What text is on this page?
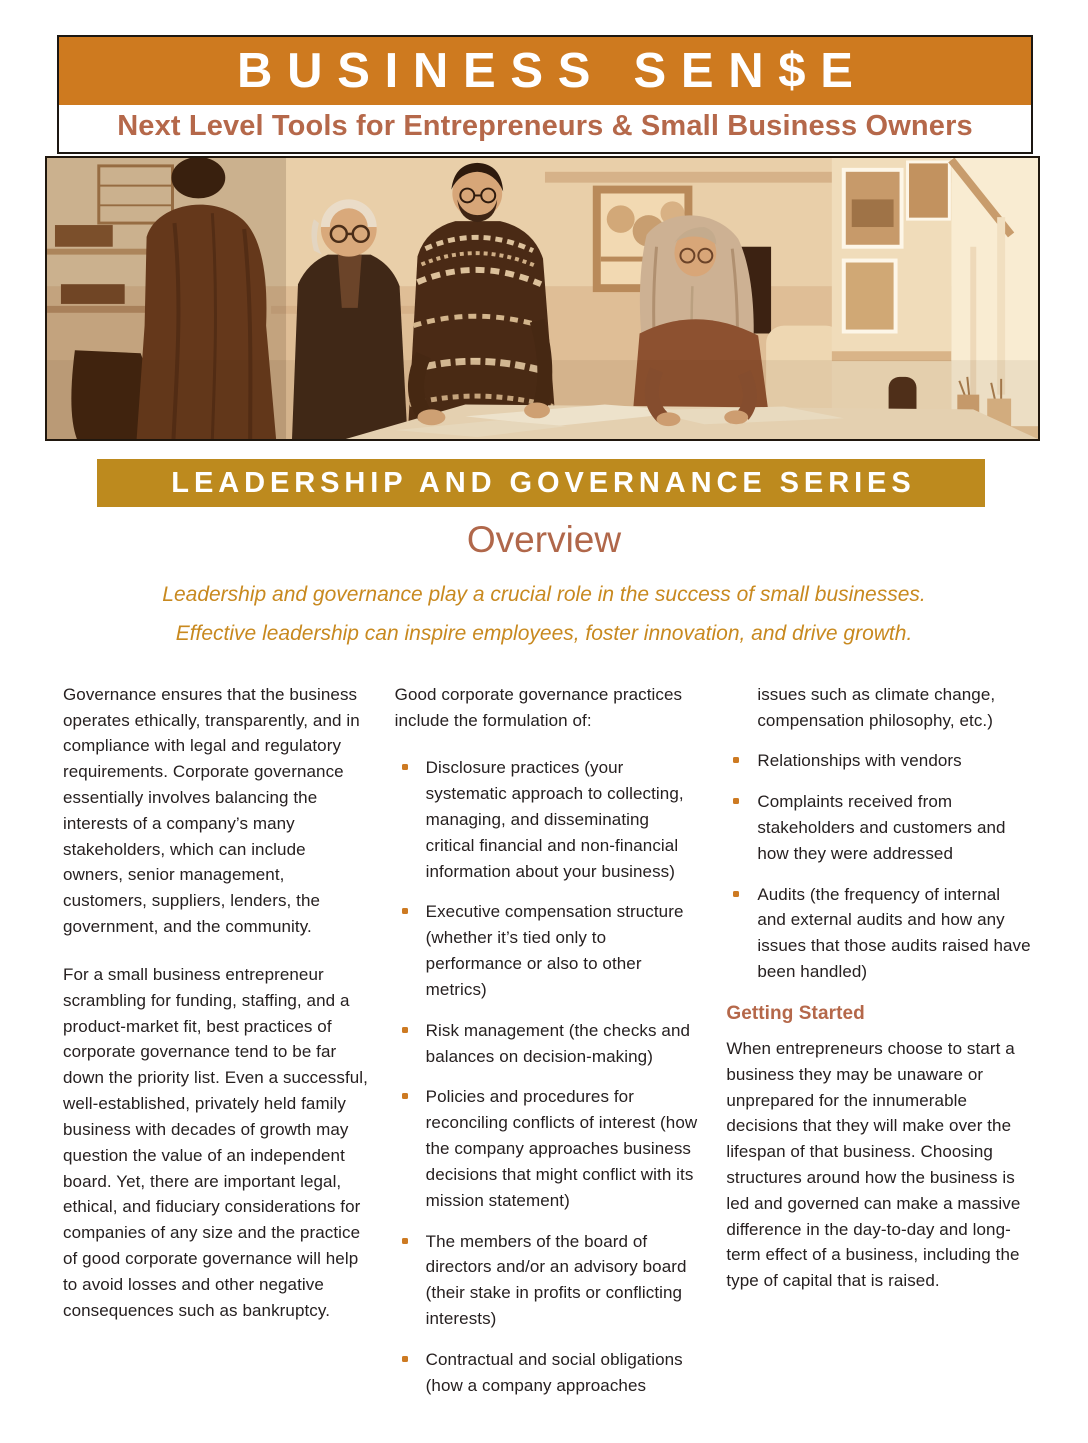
BUSINESS SEN$E
Next Level Tools for Entrepreneurs & Small Business Owners
LEADERSHIP AND GOVERNANCE SERIES
Overview
Leadership and governance play a crucial role in the success of small businesses.
Effective leadership can inspire employees, foster innovation, and drive growth.

Governance ensures that the business operates ethically, transparently, and in compliance with legal and regulatory requirements. Corporate governance essentially involves balancing the interests of a company’s many stakeholders, which can include owners, senior management, customers, suppliers, lenders, the government, and the community.

For a small business entrepreneur scrambling for funding, staffing, and a product-market fit, best practices of corporate governance tend to be far down the priority list. Even a successful, well-established, privately held family business with decades of growth may question the value of an independent board. Yet, there are important legal, ethical, and fiduciary considerations for companies of any size and the practice of good corporate governance will help to avoid losses and other negative consequences such as bankruptcy.

Good corporate governance practices include the formulation of:

Disclosure practices (your systematic approach to collecting, managing, and disseminating critical financial and non-financial information about your business)
Executive compensation structure (whether it’s tied only to performance or also to other metrics)
Risk management (the checks and balances on decision-making)
Policies and procedures for reconciling conflicts of interest (how the company approaches business decisions that might conflict with its mission statement)
The members of the board of directors and/or an advisory board (their stake in profits or conflicting interests)
Contractual and social obligations (how a company approaches
issues such as climate change, compensation philosophy, etc.)
Relationships with vendors
Complaints received from stakeholders and customers and how they were addressed
Audits (the frequency of internal and external audits and how any issues that those audits raised have been handled)
Getting Started

When entrepreneurs choose to start a business they may be unaware or unprepared for the innumerable decisions that they will make over the lifespan of that business. Choosing structures around how the business is led and governed can make a massive difference in the day-to-day and long-term effect of a business, including the type of capital that is raised.
